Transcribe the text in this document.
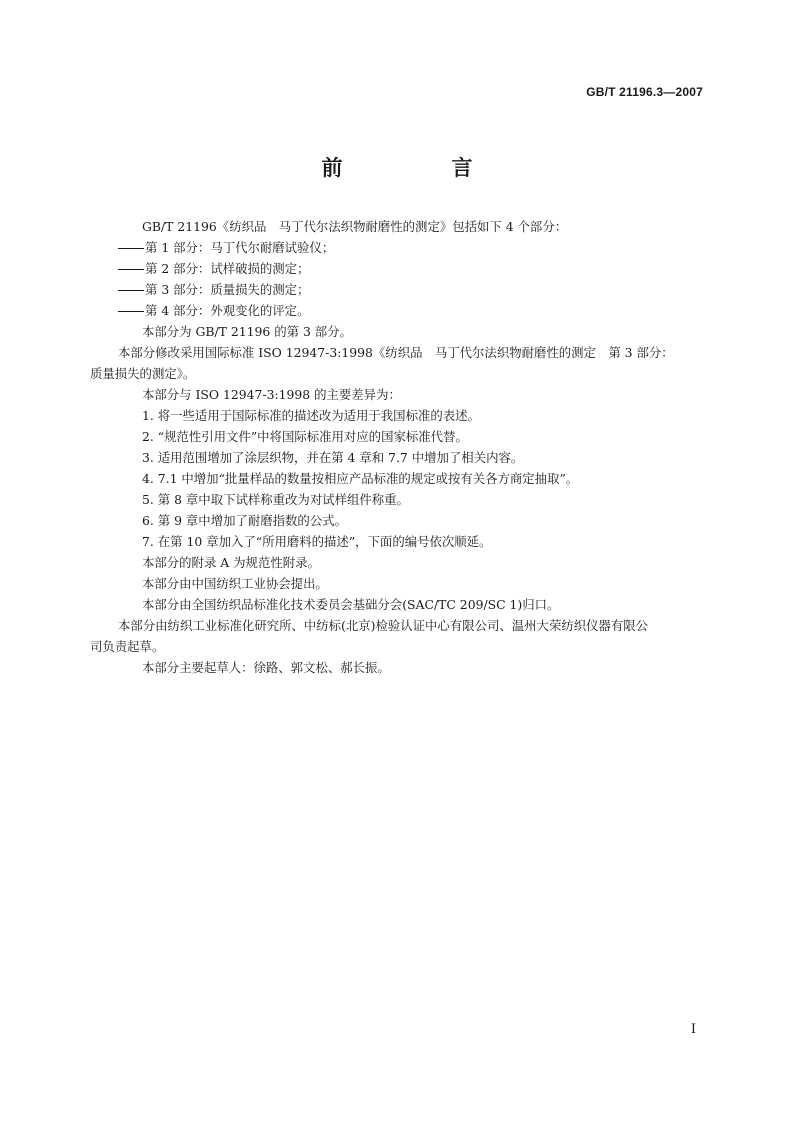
GB/T 21196.3—2007
前　言

GB/T 21196《纺织品　马丁代尔法织物耐磨性的测定》包括如下 4 个部分：

第 1 部分：马丁代尔耐磨试验仪；

第 2 部分：试样破损的测定；

第 3 部分：质量损失的测定；

第 4 部分：外观变化的评定。

本部分为 GB/T 21196 的第 3 部分。

本部分修改采用国际标准 ISO 12947-3:1998《纺织品　马丁代尔法织物耐磨性的测定　第 3 部分：
质量损失的测定》。

本部分与 ISO 12947-3:1998 的主要差异为：

1. 将一些适用于国际标准的描述改为适用于我国标准的表述。

2. “规范性引用文件”中将国际标准用对应的国家标准代替。

3. 适用范围增加了涂层织物，并在第 4 章和 7.7 中增加了相关内容。

4. 7.1 中增加“批量样品的数量按相应产品标准的规定或按有关各方商定抽取”。

5. 第 8 章中取下试样称重改为对试样组件称重。

6. 第 9 章中增加了耐磨指数的公式。

7. 在第 10 章加入了“所用磨料的描述”，下面的编号依次顺延。

本部分的附录 A 为规范性附录。

本部分由中国纺织工业协会提出。

本部分由全国纺织品标准化技术委员会基础分会(SAC/TC 209/SC 1)归口。

本部分由纺织工业标准化研究所、中纺标(北京)检验认证中心有限公司、温州大荣纺织仪器有限公
司负责起草。

本部分主要起草人：徐路、郭文松、郝长振。

I
